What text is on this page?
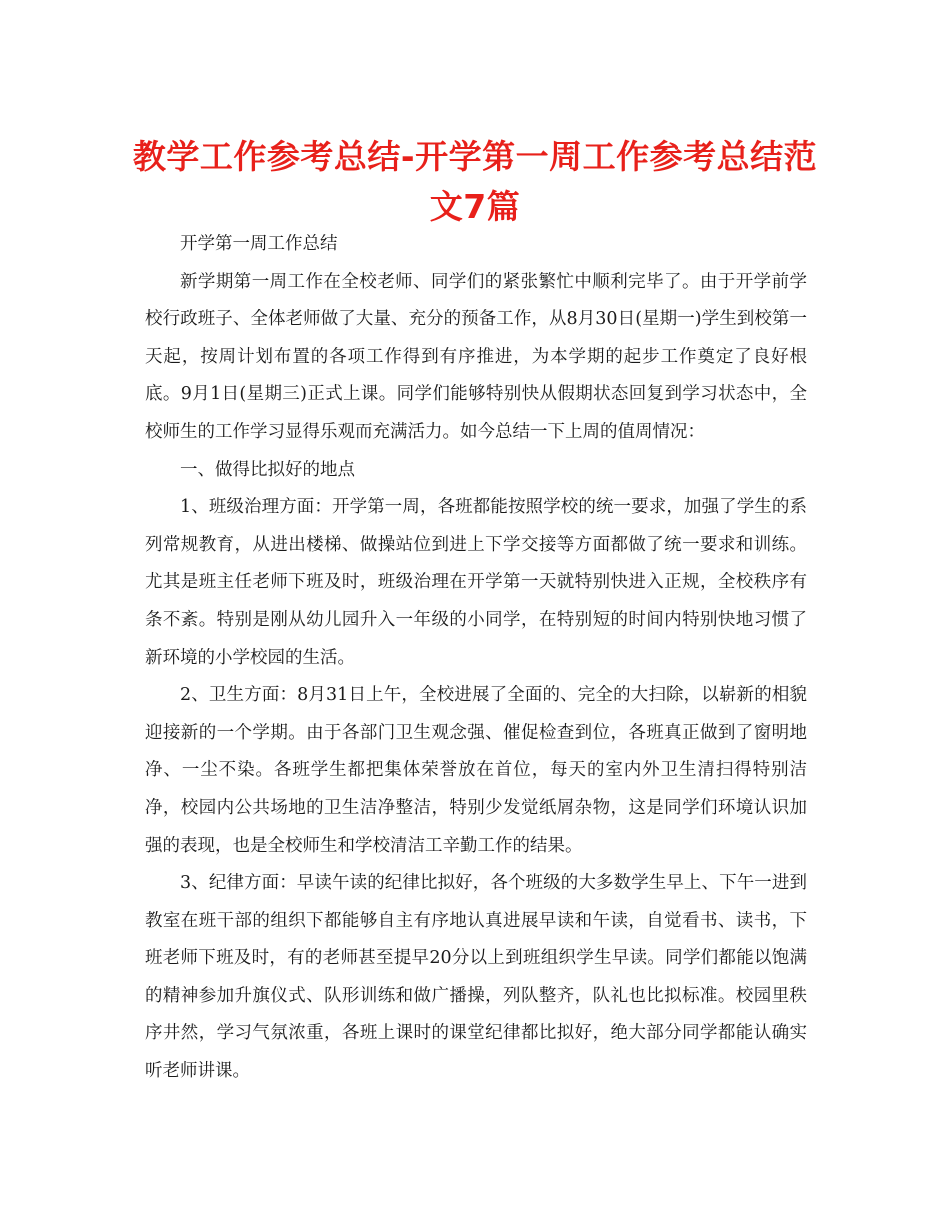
教学工作参考总结-开学第一周工作参考总结范文7篇

开学第一周工作总结

新学期第一周工作在全校老师、同学们的紧张繁忙中顺利完毕了。由于开学前学校行政班子、全体老师做了大量、充分的预备工作，从8月30日(星期一)学生到校第一天起，按周计划布置的各项工作得到有序推进，为本学期的起步工作奠定了良好根底。9月1日(星期三)正式上课。同学们能够特别快从假期状态回复到学习状态中，全校师生的工作学习显得乐观而充满活力。如今总结一下上周的值周情况：

一、做得比拟好的地点

1、班级治理方面：开学第一周，各班都能按照学校的统一要求，加强了学生的系列常规教育，从进出楼梯、做操站位到进上下学交接等方面都做了统一要求和训练。尤其是班主任老师下班及时，班级治理在开学第一天就特别快进入正规，全校秩序有条不紊。特别是刚从幼儿园升入一年级的小同学，在特别短的时间内特别快地习惯了新环境的小学校园的生活。

2、卫生方面：8月31日上午，全校进展了全面的、完全的大扫除，以崭新的相貌迎接新的一个学期。由于各部门卫生观念强、催促检查到位，各班真正做到了窗明地净、一尘不染。各班学生都把集体荣誉放在首位，每天的室内外卫生清扫得特别洁净，校园内公共场地的卫生洁净整洁，特别少发觉纸屑杂物，这是同学们环境认识加强的表现，也是全校师生和学校清洁工辛勤工作的结果。

3、纪律方面：早读午读的纪律比拟好，各个班级的大多数学生早上、下午一进到教室在班干部的组织下都能够自主有序地认真进展早读和午读，自觉看书、读书，下班老师下班及时，有的老师甚至提早20分以上到班组织学生早读。同学们都能以饱满的精神参加升旗仪式、队形训练和做广播操，列队整齐，队礼也比拟标准。校园里秩序井然，学习气氛浓重，各班上课时的课堂纪律都比拟好，绝大部分同学都能认确实听老师讲课。
